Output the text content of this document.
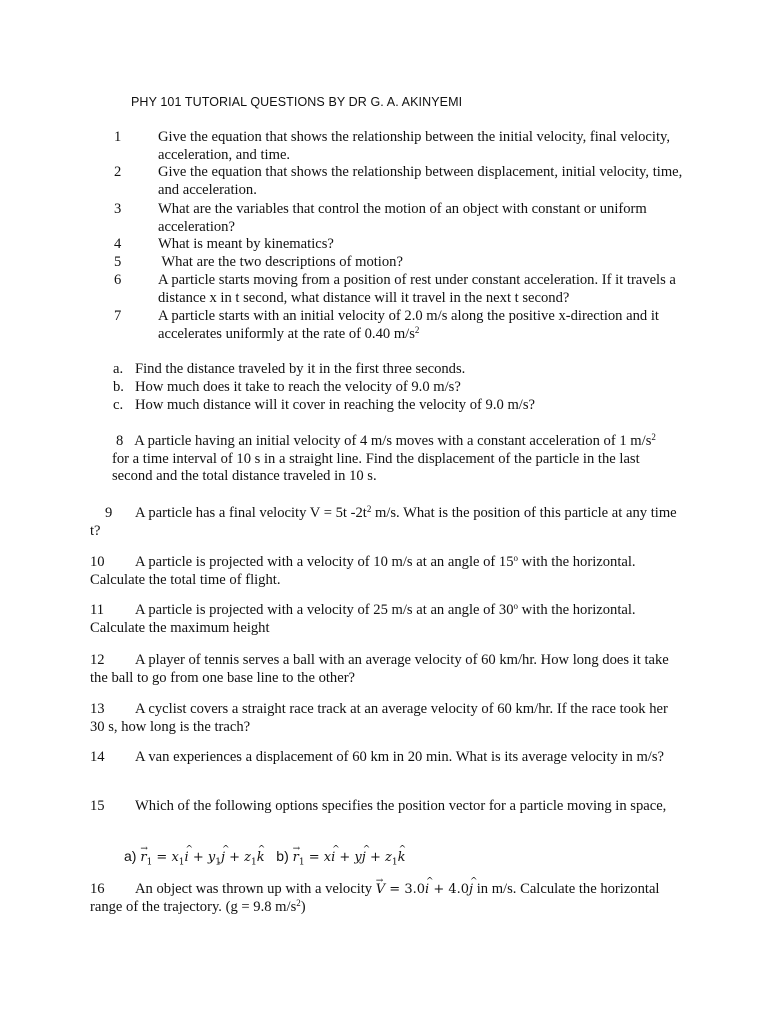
PHY 101 TUTORIAL QUESTIONS BY DR G. A. AKINYEMI
1	Give the equation that shows the relationship between the initial velocity, final velocity, acceleration, and time.
2	Give the equation that shows the relationship between displacement, initial velocity, time, and acceleration.
3	What are the variables that control the motion of an object with constant or uniform acceleration?
4	What is meant by kinematics?
5	What are the two descriptions of motion?
6	A particle starts moving from a position of rest under constant acceleration. If it travels a distance x in t second, what distance will it travel in the next t second?
7	A particle starts with an initial velocity of 2.0 m/s along the positive x-direction and it accelerates uniformly at the rate of 0.40 $m/s^2$
a. Find the distance traveled by it in the first three seconds.
b. How much does it take to reach the velocity of 9.0 m/s?
c. How much distance will it cover in reaching the velocity of 9.0 m/s?
8 A particle having an initial velocity of 4 m/s moves with a constant acceleration of 1 $m/s^2$ for a time interval of 10 s in a straight line. Find the displacement of the particle in the last second and the total distance traveled in 10 s.
9 A particle has a final velocity V = 5t $-2t^2$ m/s. What is the position of this particle at any time t?
10 A particle is projected with a velocity of 10 m/s at an angle of 15$^o$ with the horizontal. Calculate the total time of flight.
11 A particle is projected with a velocity of 25 m/s at an angle of 30$^o$ with the horizontal. Calculate the maximum height
12 A player of tennis serves a ball with an average velocity of 60 km/hr. How long does it take the ball to go from one base line to the other?
13 A cyclist covers a straight race track at an average velocity of 60 km/hr. If the race took her 30 s, how long is the trach?
14 A van experiences a displacement of 60 km in 20 min. What is its average velocity in m/s?
15 Which of the following options specifies the position vector for a particle moving in space,
$a) \to r_1$ = $x_1\^{}$ $i + y_1\^{}$ $j + z_1\^{}$ k $b) \to r_1$ = x^ i + y^ $j + z_1\^{}$ k
16 An object was thrown up with a velocity → V = 3.0^ i + 4.0^ j in m/s. Calculate the horizontal range of the trajectory. (g = 9.8 $m/s^2$)
